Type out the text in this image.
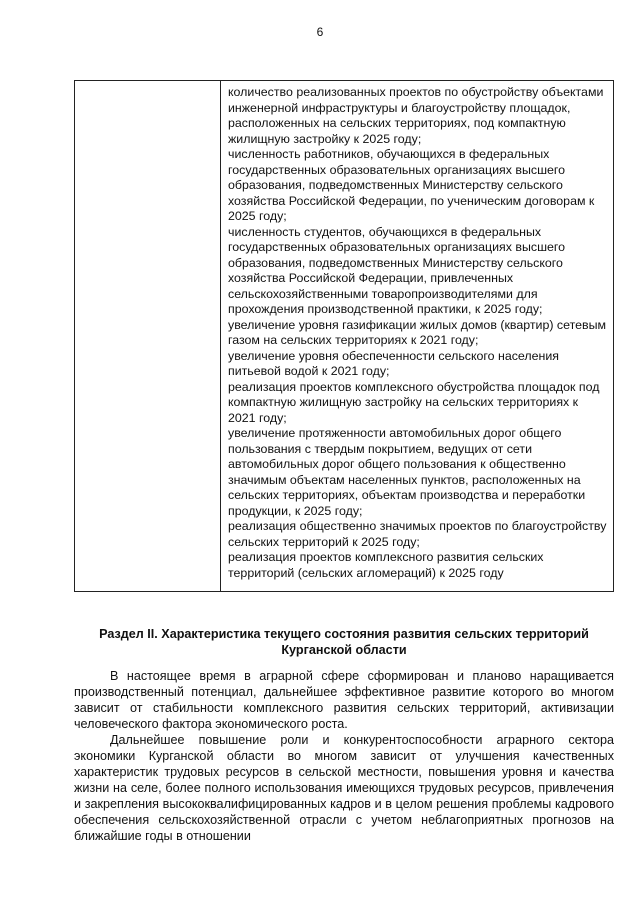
6

количество реализованных проектов по обустройству объектами инженерной инфраструктуры и благоустройству площадок, расположенных на сельских территориях, под компактную жилищную застройку к 2025 году;

численность работников, обучающихся в федеральных государственных образовательных организациях высшего образования, подведомственных Министерству сельского хозяйства Российской Федерации, по ученическим договорам к 2025 году;

численность студентов, обучающихся в федеральных государственных образовательных организациях высшего образования, подведомственных Министерству сельского хозяйства Российской Федерации, привлеченных сельскохозяйственными товаропроизводителями для прохождения производственной практики, к 2025 году;

увеличение уровня газификации жилых домов (квартир) сетевым газом на сельских территориях к 2021 году;

увеличение уровня обеспеченности сельского населения питьевой водой к 2021 году;

реализация проектов комплексного обустройства площадок под компактную жилищную застройку на сельских территориях к 2021 году;

увеличение протяженности автомобильных дорог общего пользования с твердым покрытием, ведущих от сети автомобильных дорог общего пользования к общественно значимым объектам населенных пунктов, расположенных на сельских территориях, объектам производства и переработки продукции, к 2025 году;

реализация общественно значимых проектов по благоустройству сельских территорий к 2025 году;

реализация проектов комплексного развития сельских территорий (сельских агломераций) к 2025 году

Раздел II. Характеристика текущего состояния развития сельских территорий Курганской области

В настоящее время в аграрной сфере сформирован и планово наращивается производственный потенциал, дальнейшее эффективное развитие которого во многом зависит от стабильности комплексного развития сельских территорий, активизации человеческого фактора экономического роста.

Дальнейшее повышение роли и конкурентоспособности аграрного сектора экономики Курганской области во многом зависит от улучшения качественных характеристик трудовых ресурсов в сельской местности, повышения уровня и качества жизни на селе, более полного использования имеющихся трудовых ресурсов, привлечения и закрепления высококвалифицированных кадров и в целом решения проблемы кадрового обеспечения сельскохозяйственной отрасли с учетом неблагоприятных прогнозов на ближайшие годы в отношении
